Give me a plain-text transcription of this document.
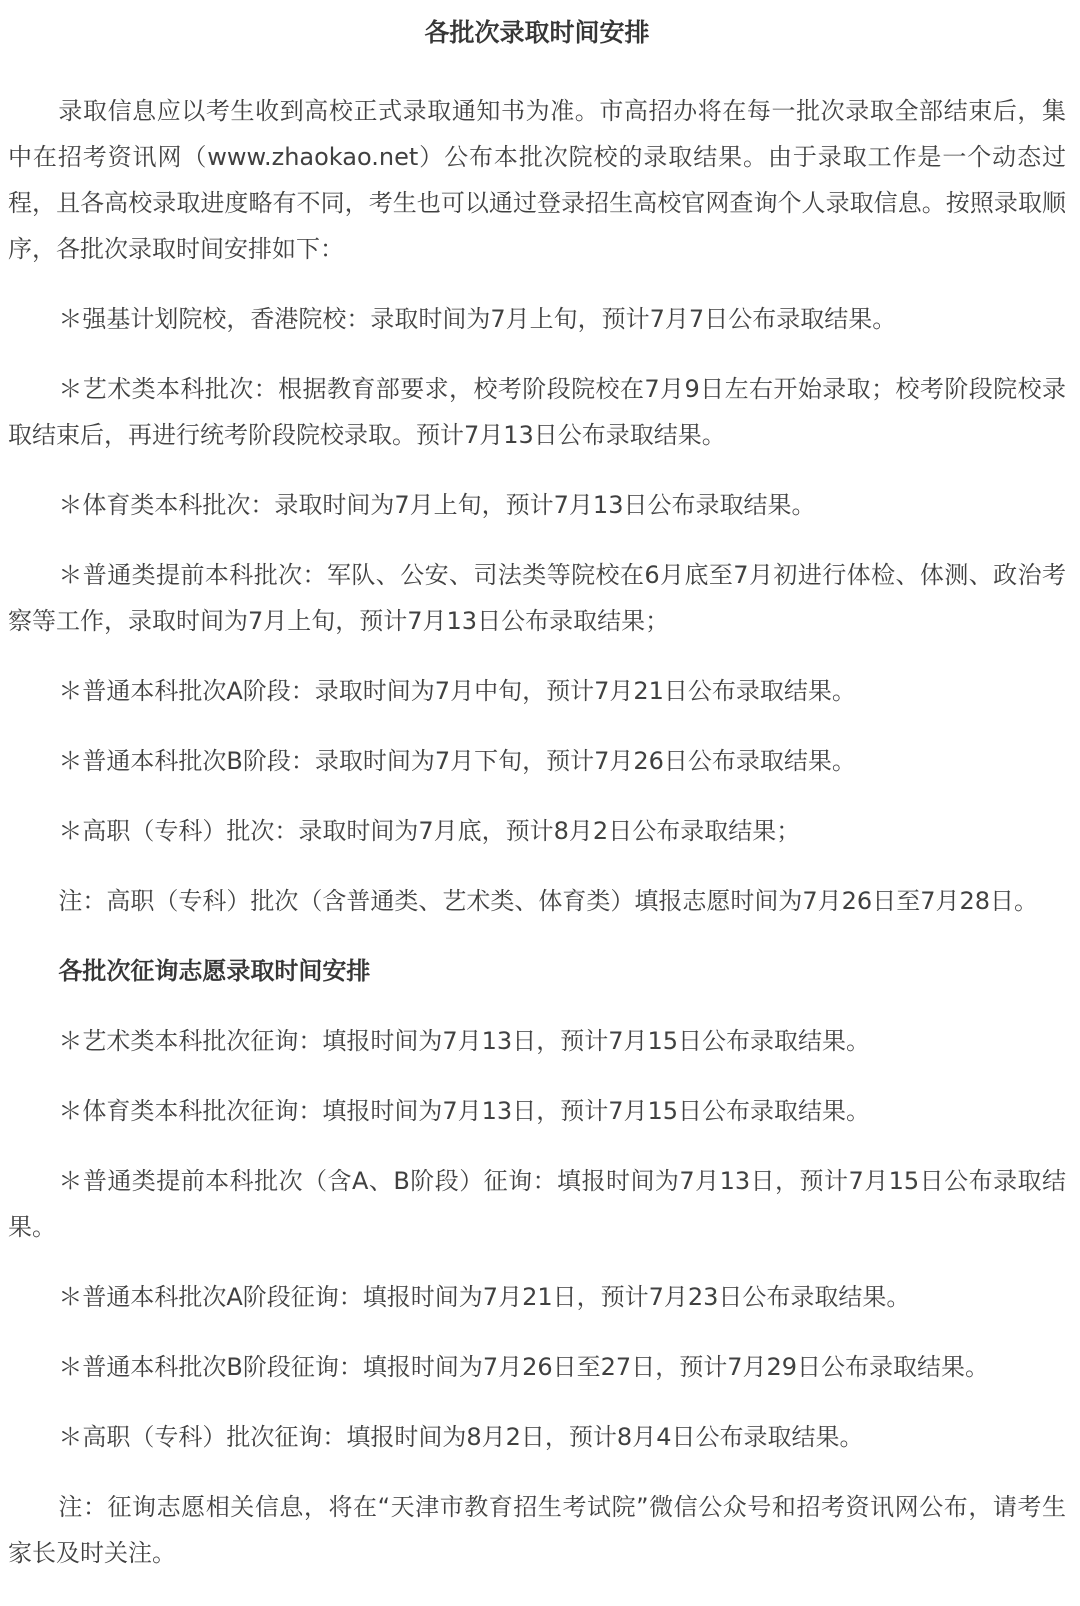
各批次录取时间安排

录取信息应以考生收到高校正式录取通知书为准。市高招办将在每一批次录取全部结束后，集中在招考资讯网（www.zhaokao.net）公布本批次院校的录取结果。由于录取工作是一个动态过程，且各高校录取进度略有不同，考生也可以通过登录招生高校官网查询个人录取信息。按照录取顺序，各批次录取时间安排如下：

＊强基计划院校，香港院校：录取时间为7月上旬，预计7月7日公布录取结果。

＊艺术类本科批次：根据教育部要求，校考阶段院校在7月9日左右开始录取；校考阶段院校录取结束后，再进行统考阶段院校录取。预计7月13日公布录取结果。

＊体育类本科批次：录取时间为7月上旬，预计7月13日公布录取结果。

＊普通类提前本科批次：军队、公安、司法类等院校在6月底至7月初进行体检、体测、政治考察等工作，录取时间为7月上旬，预计7月13日公布录取结果；

＊普通本科批次A阶段：录取时间为7月中旬，预计7月21日公布录取结果。

＊普通本科批次B阶段：录取时间为7月下旬，预计7月26日公布录取结果。

＊高职（专科）批次：录取时间为7月底，预计8月2日公布录取结果；

注：高职（专科）批次（含普通类、艺术类、体育类）填报志愿时间为7月26日至7月28日。

各批次征询志愿录取时间安排

＊艺术类本科批次征询：填报时间为7月13日，预计7月15日公布录取结果。

＊体育类本科批次征询：填报时间为7月13日，预计7月15日公布录取结果。

＊普通类提前本科批次（含A、B阶段）征询：填报时间为7月13日，预计7月15日公布录取结果。

＊普通本科批次A阶段征询：填报时间为7月21日，预计7月23日公布录取结果。

＊普通本科批次B阶段征询：填报时间为7月26日至27日，预计7月29日公布录取结果。

＊高职（专科）批次征询：填报时间为8月2日，预计8月4日公布录取结果。

注：征询志愿相关信息，将在“天津市教育招生考试院”微信公众号和招考资讯网公布，请考生家长及时关注。
